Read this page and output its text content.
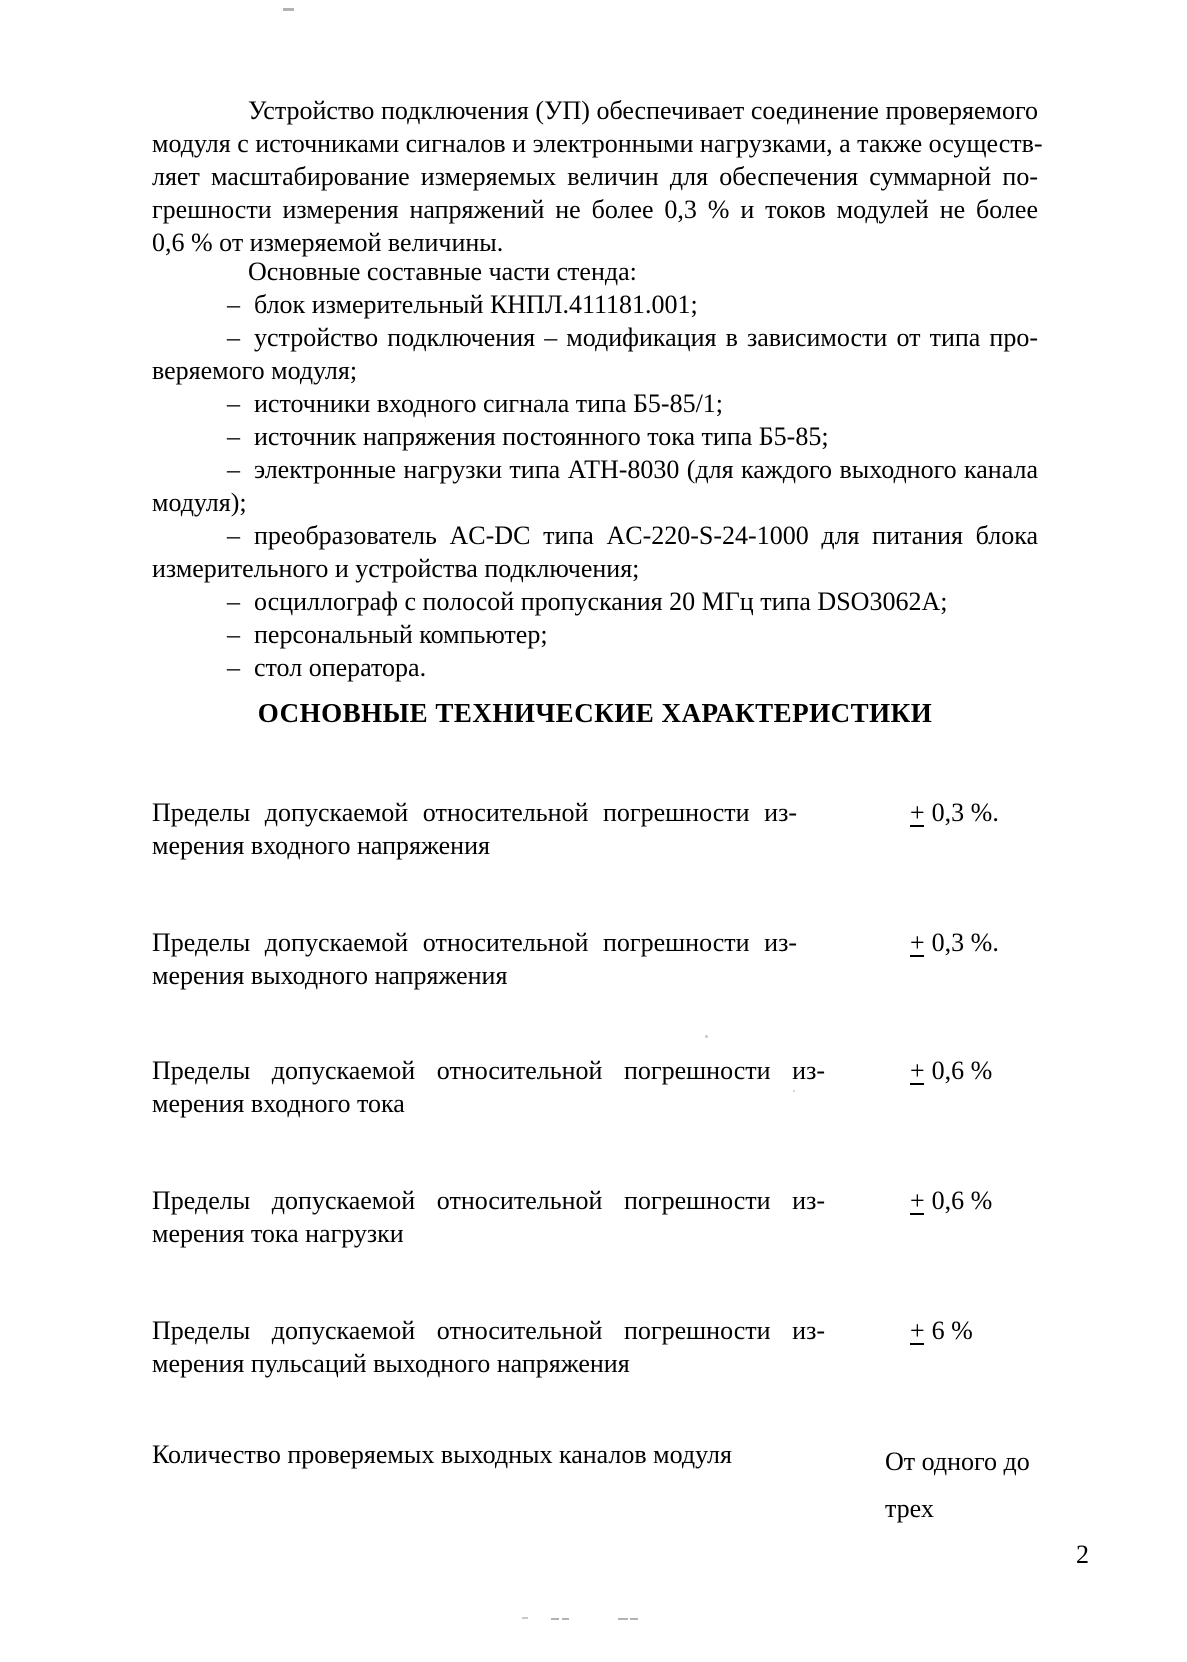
Устройство подключения (УП) обеспечивает соединение проверяемого
модуля с источниками сигналов и электронными нагрузками, а также осуществ-
ляет масштабирование измеряемых величин для обеспечения суммарной по-
грешности измерения напряжений не более 0,3 % и токов модулей не более
0,6 % от измеряемой величины.
Основные составные части стенда:
– блок измерительный КНПЛ.411181.001;
– устройство подключения – модификация в зависимости от типа про-
веряемого модуля;
– источники входного сигнала типа Б5-85/1;
– источник напряжения постоянного тока типа Б5-85;
– электронные нагрузки типа АТН-8030 (для каждого выходного канала
модуля);
– преобразователь AC-DC типа AC-220-S-24-1000 для питания блока
измерительного и устройства подключения;
– осциллограф с полосой пропускания 20 МГц типа DSO3062A;
– персональный компьютер;
– стол оператора.
ОСНОВНЫЕ ТЕХНИЧЕСКИЕ ХАРАКТЕРИСТИКИ
Пределы допускаемой относительной погрешности из-
мерения входного напряжения
+ 0,3 %.
Пределы допускаемой относительной погрешности из-
мерения выходного напряжения
+ 0,3 %.
Пределы допускаемой относительной погрешности из-
мерения входного тока
+ 0,6 %
Пределы допускаемой относительной погрешности из-
мерения тока нагрузки
+ 0,6 %
Пределы допускаемой относительной погрешности из-
мерения пульсаций выходного напряжения
+ 6 %
Количество проверяемых выходных каналов модуля	От одного до
трех
2
